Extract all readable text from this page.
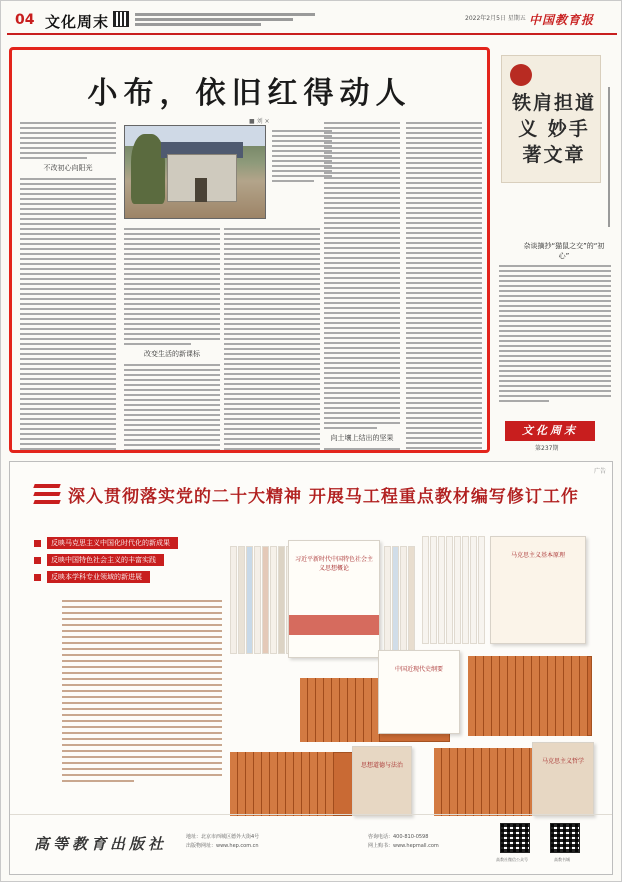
04 文化周末	2022年2月5日 星期五 中国教育报
小布，依旧红得动人
■ 刘 ×
不改初心向阳光
改变生活的新课标
向土壤上结出的坚果
铁肩担道义 妙手著文章
杂谈摘抄“猫鼠之交”的“初心”
文化周末
第237期
广告
深入贯彻落实党的二十大精神 开展马工程重点教材编写修订工作
反映马克思主义中国化时代化的新成果
反映中国特色社会主义的丰富实践
反映本学科专业领域的新进展
习近平新时代中国特色社会主义思想概论
马克思主义基本原理
中国近现代史纲要
思想道德与法治
马克思主义哲学
高等教育出版社	地址：北京市西城区德外大街4号
出版物网址：www.hep.com.cn
咨询电话：400-810-0598
网上购书：www.hepmall.com
高教社微信公众号	高教书城
